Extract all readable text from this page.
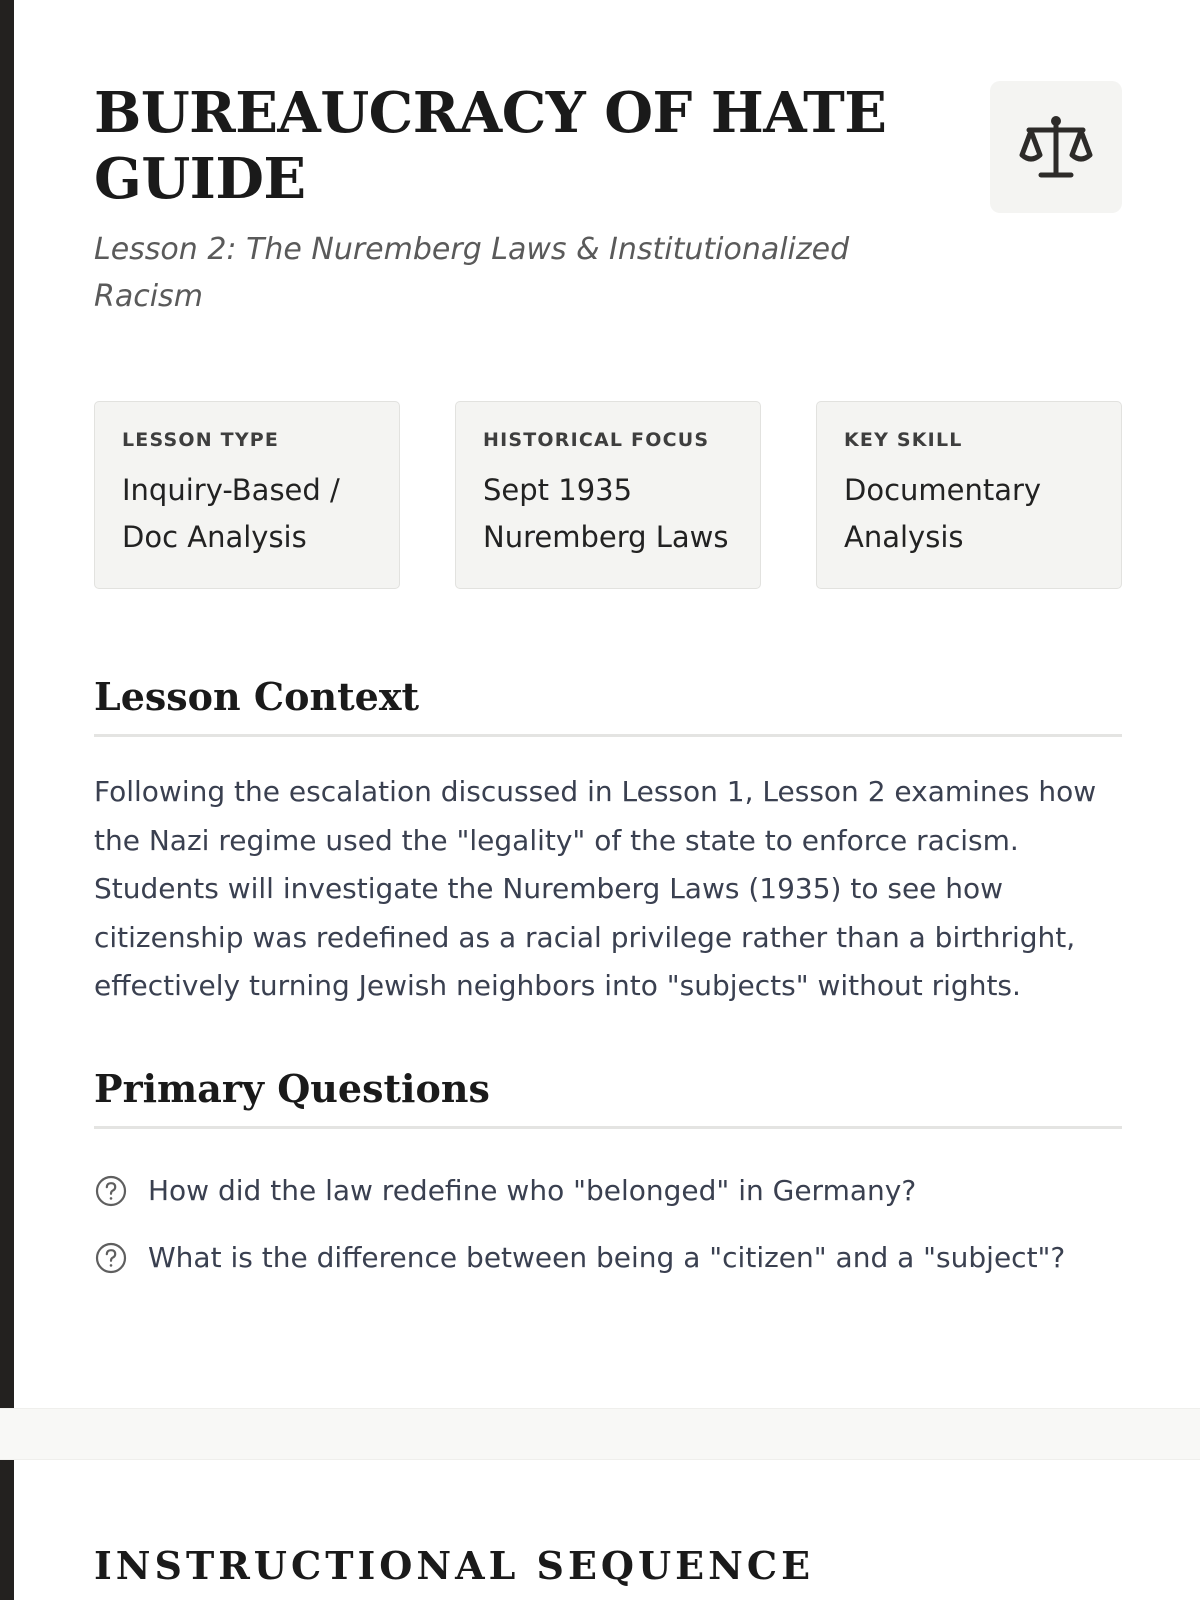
BUREAUCRACY OF HATE GUIDE

Lesson 2: The Nuremberg Laws & Institutionalized Racism

LESSON TYPE

Inquiry-Based /
Doc Analysis

HISTORICAL FOCUS

Sept 1935
Nuremberg Laws

KEY SKILL

Documentary
Analysis
Lesson Context

Following the escalation discussed in Lesson 1, Lesson 2 examines how the Nazi regime used the "legality" of the state to enforce racism. Students will investigate the Nuremberg Laws (1935) to see how citizenship was redefined as a racial privilege rather than a birthright, effectively turning Jewish neighbors into "subjects" without rights.

Primary Questions
How did the law redefine who "belonged" in Germany?
What is the difference between being a "citizen" and a "subject"?
INSTRUCTIONAL SEQUENCE
